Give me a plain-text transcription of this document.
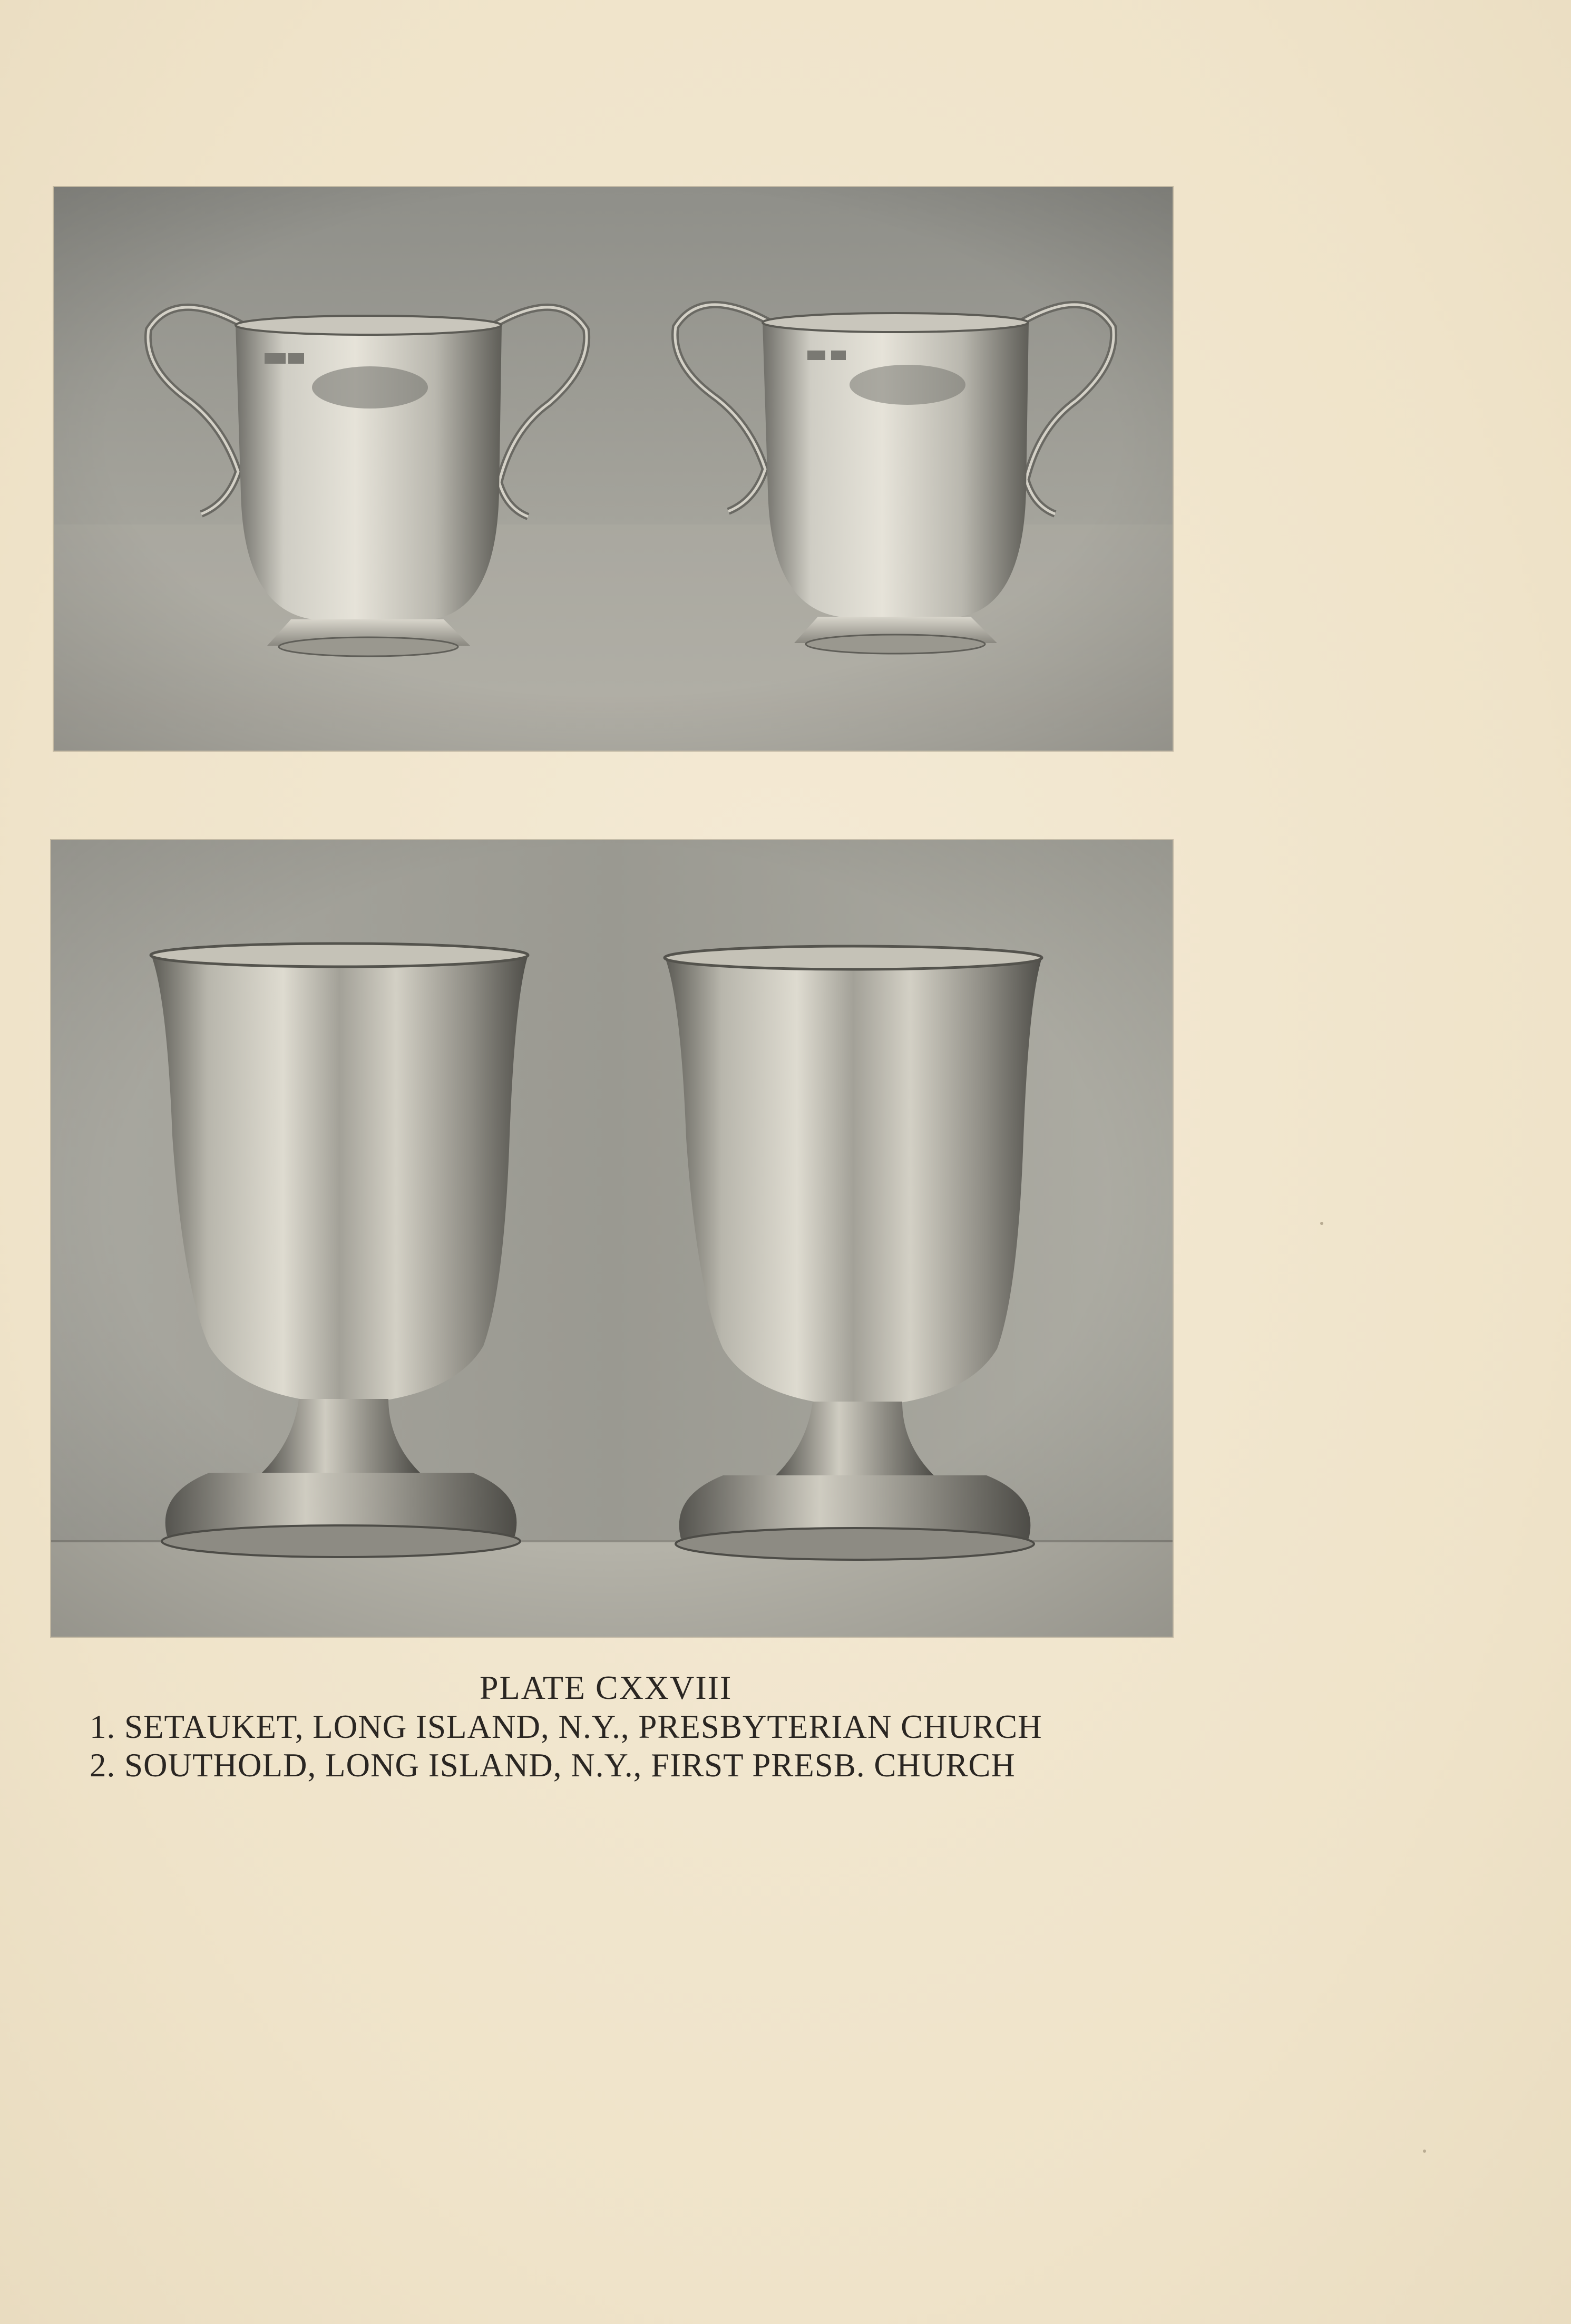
PLATE CXXVIII
1. SETAUKET, LONG ISLAND, N.Y., PRESBYTERIAN CHURCH
2. SOUTHOLD, LONG ISLAND, N.Y., FIRST PRESB. CHURCH
